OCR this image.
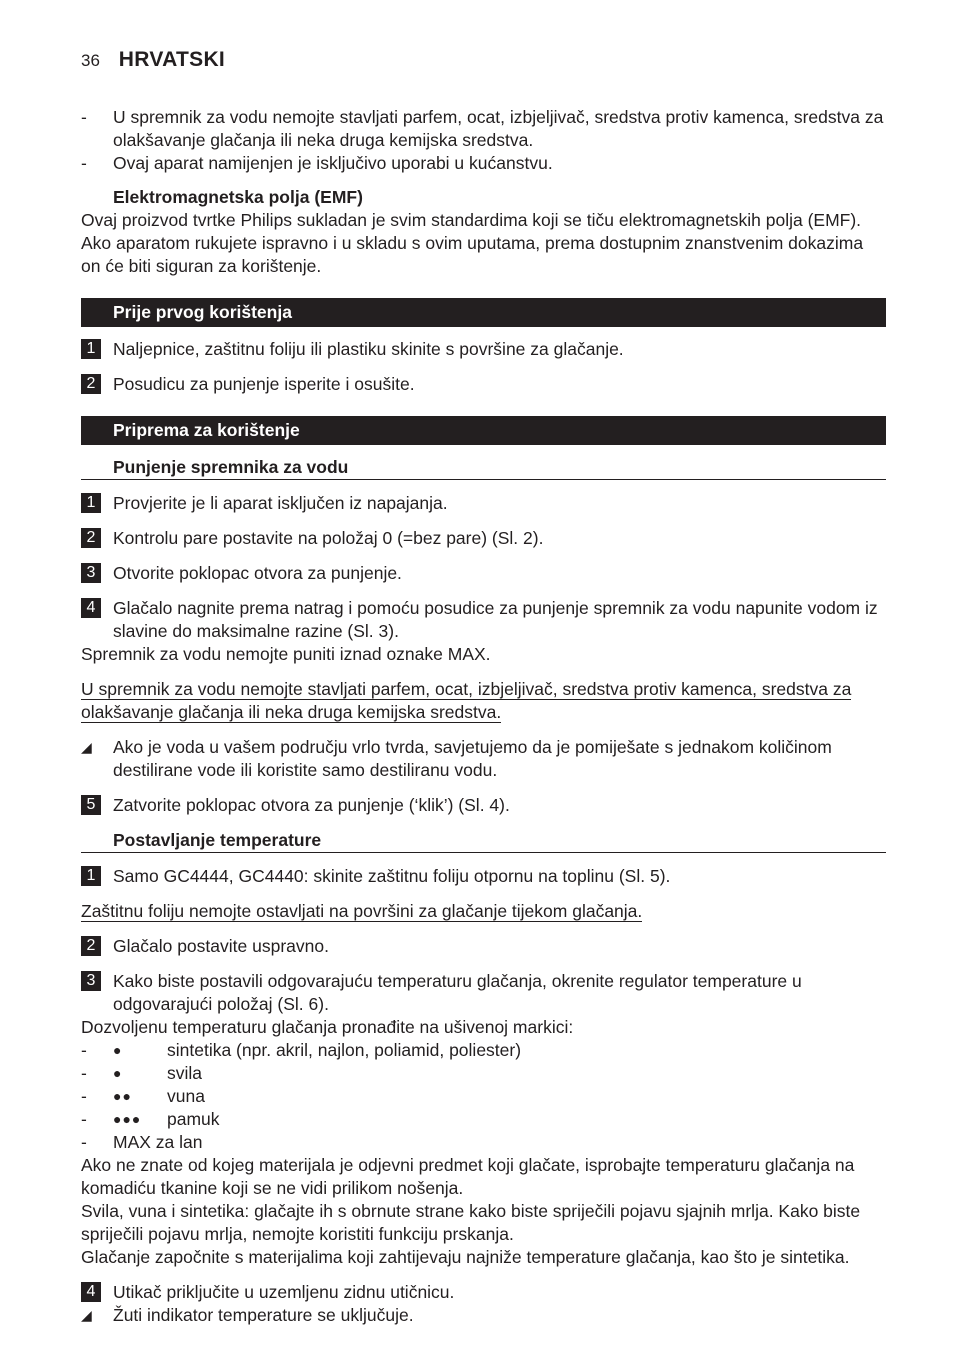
36 HRVATSKI
-	U spremnik za vodu nemojte stavljati parfem, ocat, izbjeljivač, sredstva protiv kamenca, sredstva za olakšavanje glačanja ili neka druga kemijska sredstva.
-	Ovaj aparat namijenjen je isključivo uporabi u kućanstvu.
Elektromagnetska polja (EMF)
Ovaj proizvod tvrtke Philips sukladan je svim standardima koji se tiču elektromagnetskih polja (EMF). Ako aparatom rukujete ispravno i u skladu s ovim uputama, prema dostupnim znanstvenim dokazima on će biti siguran za korištenje.
Prije prvog korištenja
1	Naljepnice, zaštitnu foliju ili plastiku skinite s površine za glačanje.
2	Posudicu za punjenje isperite i osušite.
Priprema za korištenje
Punjenje spremnika za vodu
1	Provjerite je li aparat isključen iz napajanja.
2	Kontrolu pare postavite na položaj 0 (=bez pare) (Sl. 2).
3	Otvorite poklopac otvora za punjenje.
4	Glačalo nagnite prema natrag i pomoću posudice za punjenje spremnik za vodu napunite vodom iz slavine do maksimalne razine (Sl. 3).
Spremnik za vodu nemojte puniti iznad oznake MAX.
U spremnik za vodu nemojte stavljati parfem, ocat, izbjeljivač, sredstva protiv kamenca, sredstva za olakšavanje glačanja ili neka druga kemijska sredstva.
◢	Ako je voda u vašem području vrlo tvrda, savjetujemo da je pomiješate s jednakom količinom destilirane vode ili koristite samo destiliranu vodu.
5	Zatvorite poklopac otvora za punjenje (‘klik’) (Sl. 4).
Postavljanje temperature
1	Samo GC4444, GC4440: skinite zaštitnu foliju otpornu na toplinu (Sl. 5).
Zaštitnu foliju nemojte ostavljati na površini za glačanje tijekom glačanja.
2	Glačalo postavite uspravno.
3	Kako biste postavili odgovarajuću temperaturu glačanja, okrenite regulator temperature u odgovarajući položaj (Sl. 6).
Dozvoljenu temperaturu glačanja pronađite na ušivenoj markici:
-	●	sintetika (npr. akril, najlon, poliamid, poliester)
-	●	svila
-	●●	vuna
-	●●●	pamuk
-	MAX za lan
Ako ne znate od kojeg materijala je odjevni predmet koji glačate, isprobajte temperaturu glačanja na komadiću tkanine koji se ne vidi prilikom nošenja.
Svila, vuna i sintetika: glačajte ih s obrnute strane kako biste spriječili pojavu sjajnih mrlja. Kako biste spriječili pojavu mrlja, nemojte koristiti funkciju prskanja.
Glačanje započnite s materijalima koji zahtijevaju najniže temperature glačanja, kao što je sintetika.
4	Utikač priključite u uzemljenu zidnu utičnicu.
◢	Žuti indikator temperature se uključuje.
